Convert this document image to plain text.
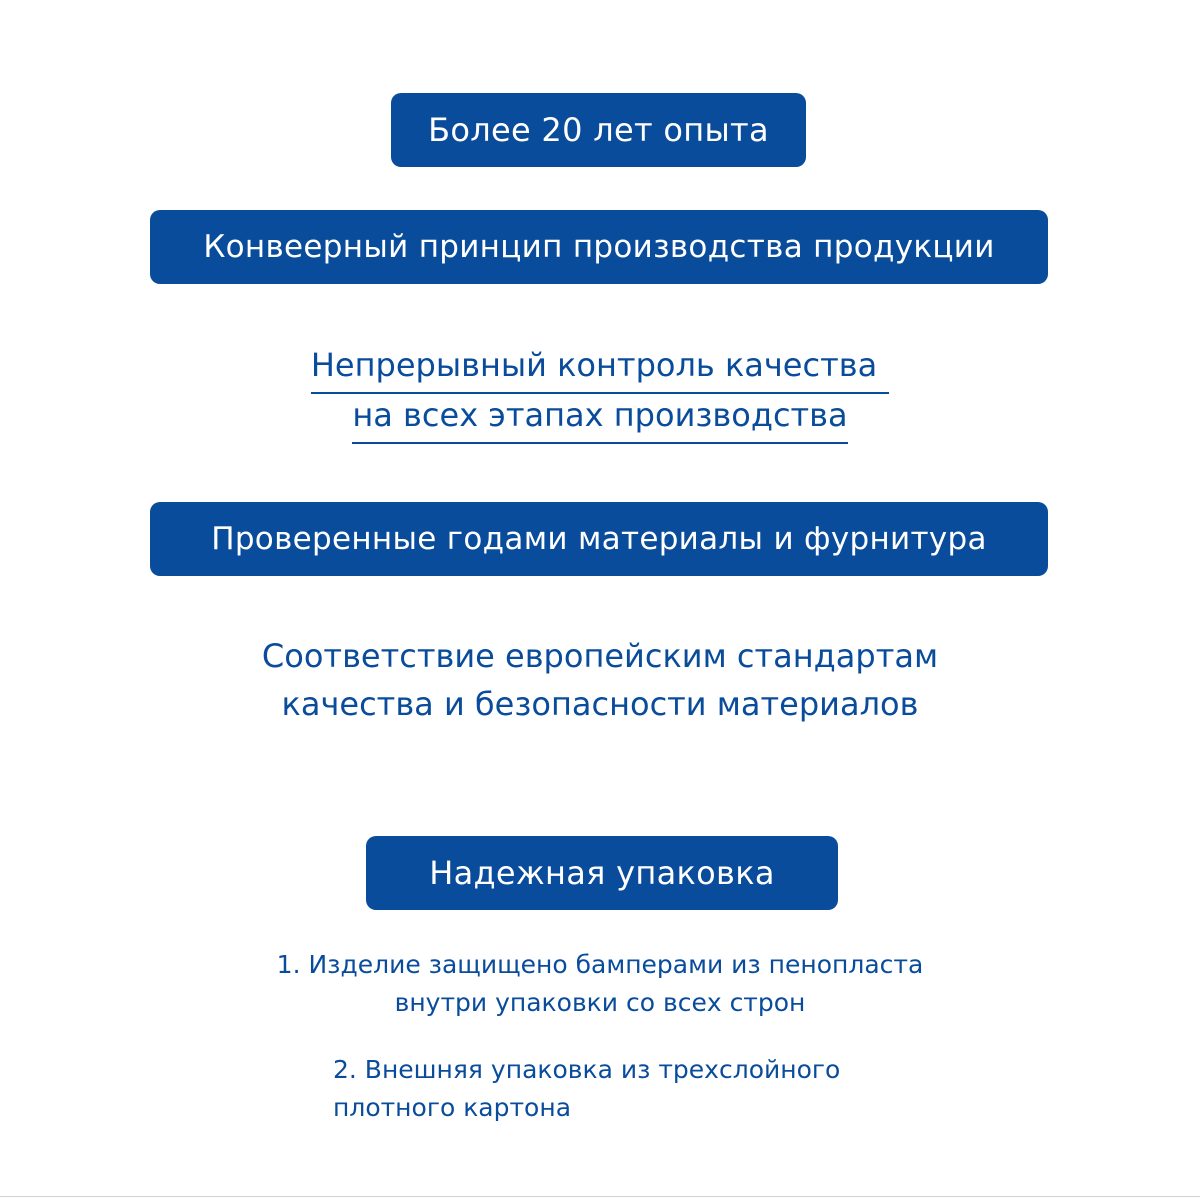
Более 20 лет опыта
Конвеерный принцип производства продукции
Непрерывный контроль качества
на всех этапах производства
Проверенные годами материалы и фурнитура
Соответствие европейским стандартам
качества и безопасности материалов
Надежная упаковка
1. Изделие защищено бамперами из пенопласта
внутри упаковки со всех строн
2. Внешняя упаковка из трехслойного
плотного картона
